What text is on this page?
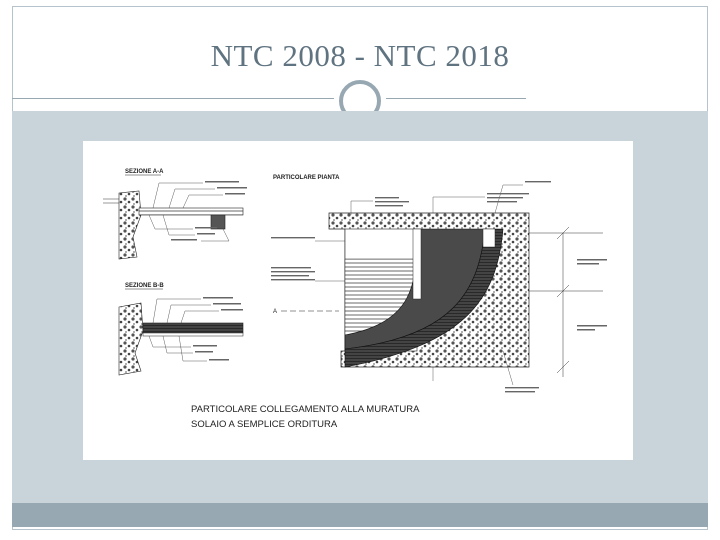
NTC 2008 - NTC 2018
SEZIONE A-A
SEZIONE B-B
PARTICOLARE PIANTA
A
PARTICOLARE COLLEGAMENTO ALLA MURATURA
SOLAIO A SEMPLICE ORDITURA
